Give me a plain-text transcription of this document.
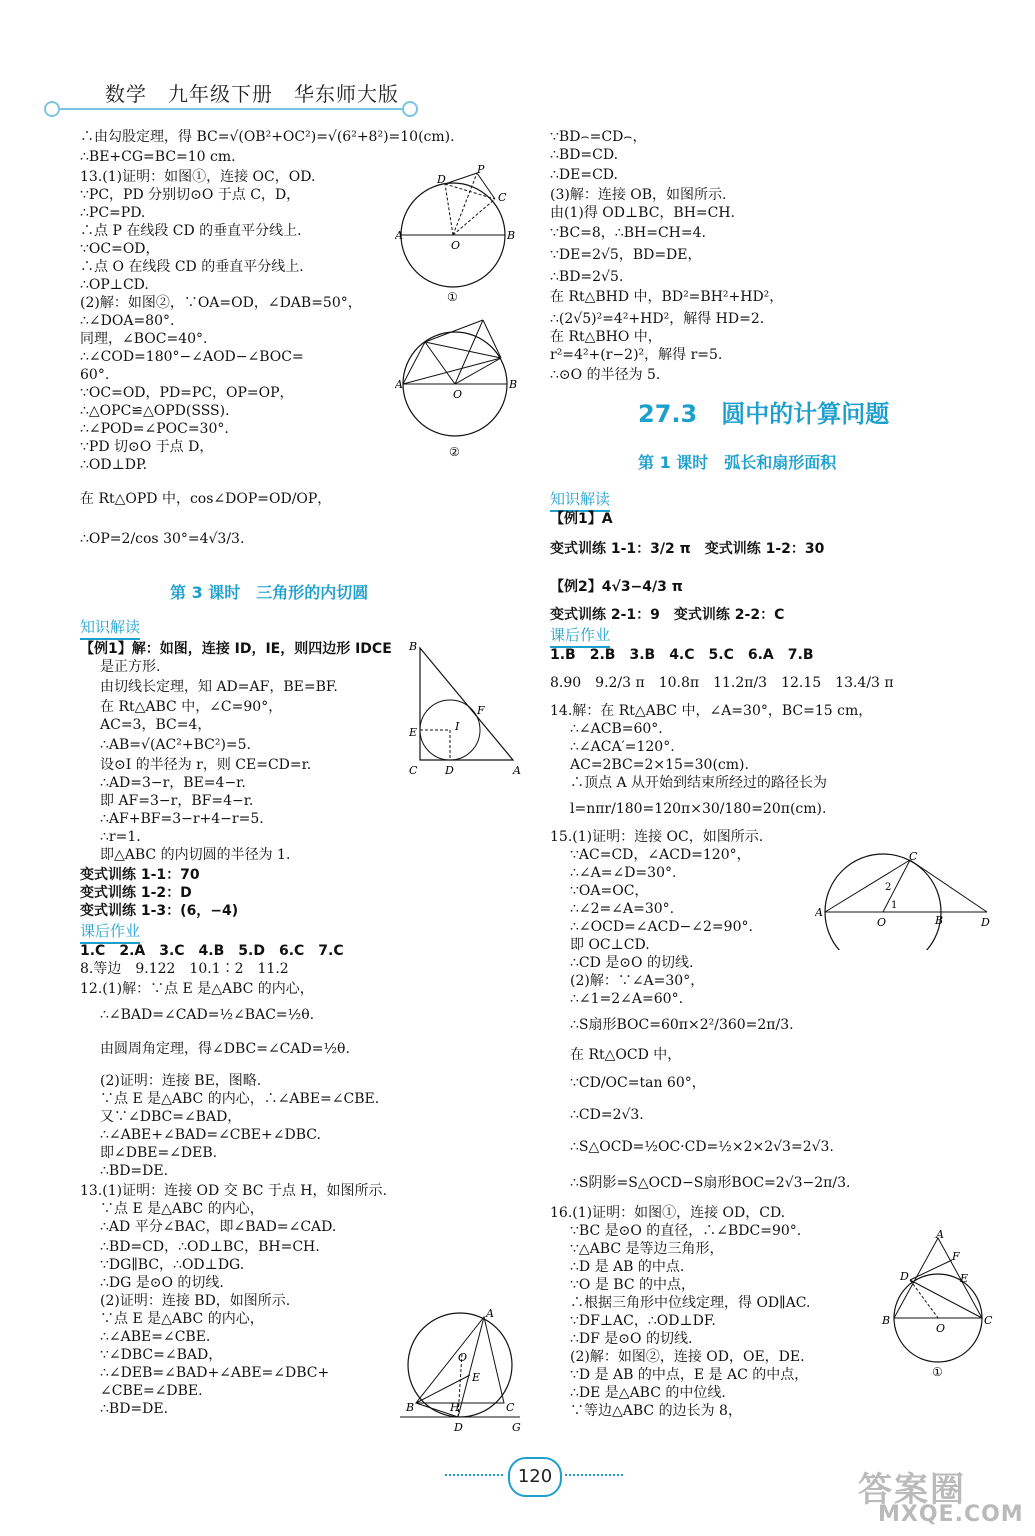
数学　九年级下册　华东师大版
第 3 课时　三角形的内切圆
知识解读
课后作业
∴由勾股定理，得 BC=√(OB²+OC²)=√(6²+8²)=10(cm).
∴BE+CG=BC=10 cm.
13.(1)证明：如图①，连接 OC，OD.
∵PC，PD 分别切⊙O 于点 C，D，
∴PC=PD.
∴点 P 在线段 CD 的垂直平分线上.
∵OC=OD，
∴点 O 在线段 CD 的垂直平分线上.
∴OP⊥CD.
(2)解：如图②，∵OA=OD，∠DAB=50°，
∴∠DOA=80°.
同理，∠BOC=40°.
∴∠COD=180°−∠AOD−∠BOC=
60°.
∵OC=OD，PD=PC，OP=OP，
∴△OPC≌△OPD(SSS).
∴∠POD=∠POC=30°.
∵PD 切⊙O 于点 D，
∴OD⊥DP.
在 Rt△OPD 中，cos∠DOP=OD/OP，
∴OP=2/cos 30°=4√3/3.
【例1】解：如图，连接 ID，IE，则四边形 IDCE
是正方形.
由切线长定理，知 AD=AF，BE=BF.
在 Rt△ABC 中，∠C=90°，
AC=3，BC=4，
∴AB=√(AC²+BC²)=5.
设⊙I 的半径为 r，则 CE=CD=r.
∴AD=3−r，BE=4−r.
即 AF=3−r，BF=4−r.
∴AF+BF=3−r+4−r=5.
∴r=1.
即△ABC 的内切圆的半径为 1.
变式训练 1-1：70
变式训练 1-2：D
变式训练 1-3：(6，−4)
1.C　2.A　3.C　4.B　5.D　6.C　7.C
8.等边　9.122　10.1∶2　11.2
12.(1)解：∵点 E 是△ABC 的内心，
∴∠BAD=∠CAD=½∠BAC=½θ.
由圆周角定理，得∠DBC=∠CAD=½θ.
(2)证明：连接 BE，图略.
∵点 E 是△ABC 的内心，∴∠ABE=∠CBE.
又∵∠DBC=∠BAD，
∴∠ABE+∠BAD=∠CBE+∠DBC.
即∠DBE=∠DEB.
∴BD=DE.
13.(1)证明：连接 OD 交 BC 于点 H，如图所示.
∵点 E 是△ABC 的内心，
∴AD 平分∠BAC，即∠BAD=∠CAD.
∴BD=CD，∴OD⊥BC，BH=CH.
∵DG∥BC，∴OD⊥DG.
∴DG 是⊙O 的切线.
(2)证明：连接 BD，如图所示.
∵点 E 是△ABC 的内心，
∴∠ABE=∠CBE.
∵∠DBC=∠BAD，
∴∠DEB=∠BAD+∠ABE=∠DBC+
∠CBE=∠DBE.
∴BD=DE.
27.3　圆中的计算问题
第 1 课时　弧长和扇形面积
知识解读
课后作业
∵BD⌢=CD⌢，
∴BD=CD.
∴DE=CD.
(3)解：连接 OB，如图所示.
由(1)得 OD⊥BC，BH=CH.
∵BC=8，∴BH=CH=4.
∵DE=2√5，BD=DE，
∴BD=2√5.
在 Rt△BHD 中，BD²=BH²+HD²，
∴(2√5)²=4²+HD²，解得 HD=2.
在 Rt△BHO 中，
r²=4²+(r−2)²，解得 r=5.
∴⊙O 的半径为 5.
【例1】A
变式训练 1-1：3/2 π　变式训练 1-2：30
【例2】4√3−4/3 π
变式训练 2-1：9　变式训练 2-2：C
1.B　2.B　3.B　4.C　5.C　6.A　7.B
8.90　9.2/3 π　10.8π　11.2π/3　12.15　13.4/3 π
14.解：在 Rt△ABC 中，∠A=30°，BC=15 cm，
∴∠ACB=60°.
∴∠ACA′=120°.
AC=2BC=2×15=30(cm).
∴顶点 A 从开始到结束所经过的路径长为
l=nπr/180=120π×30/180=20π(cm).
15.(1)证明：连接 OC，如图所示.
∵AC=CD，∠ACD=120°，
∴∠A=∠D=30°.
∵OA=OC，
∴∠2=∠A=30°.
∴∠OCD=∠ACD−∠2=90°.
即 OC⊥CD.
∴CD 是⊙O 的切线.
(2)解：∵∠A=30°，
∴∠1=2∠A=60°.
∴S扇形BOC=60π×2²/360=2π/3.
在 Rt△OCD 中，
∵CD/OC=tan 60°，
∴CD=2√3.
∴S△OCD=½OC·CD=½×2×2√3=2√3.
∴S阴影=S△OCD−S扇形BOC=2√3−2π/3.
16.(1)证明：如图①，连接 OD，CD.
∵BC 是⊙O 的直径，∴∠BDC=90°.
∵△ABC 是等边三角形，
∴D 是 AB 的中点.
∵O 是 BC 的中点，
∴根据三角形中位线定理，得 OD∥AC.
∵DF⊥AC，∴OD⊥DF.
∴DF 是⊙O 的切线.
(2)解：如图②，连接 OD，OE，DE.
∵D 是 AB 的中点，E 是 AC 的中点，
∴DE 是△ABC 的中位线.
∵等边△ABC 的边长为 8，
D
P
C
A	B
O
①
A	B
O
②
B
E	I
F
C	D	A
A
O
E
B	H	C
D	G
A
C
2
1
O	B	D
A
F
D	E
B
O
C
①
120	答案圈
MXQE.COM
